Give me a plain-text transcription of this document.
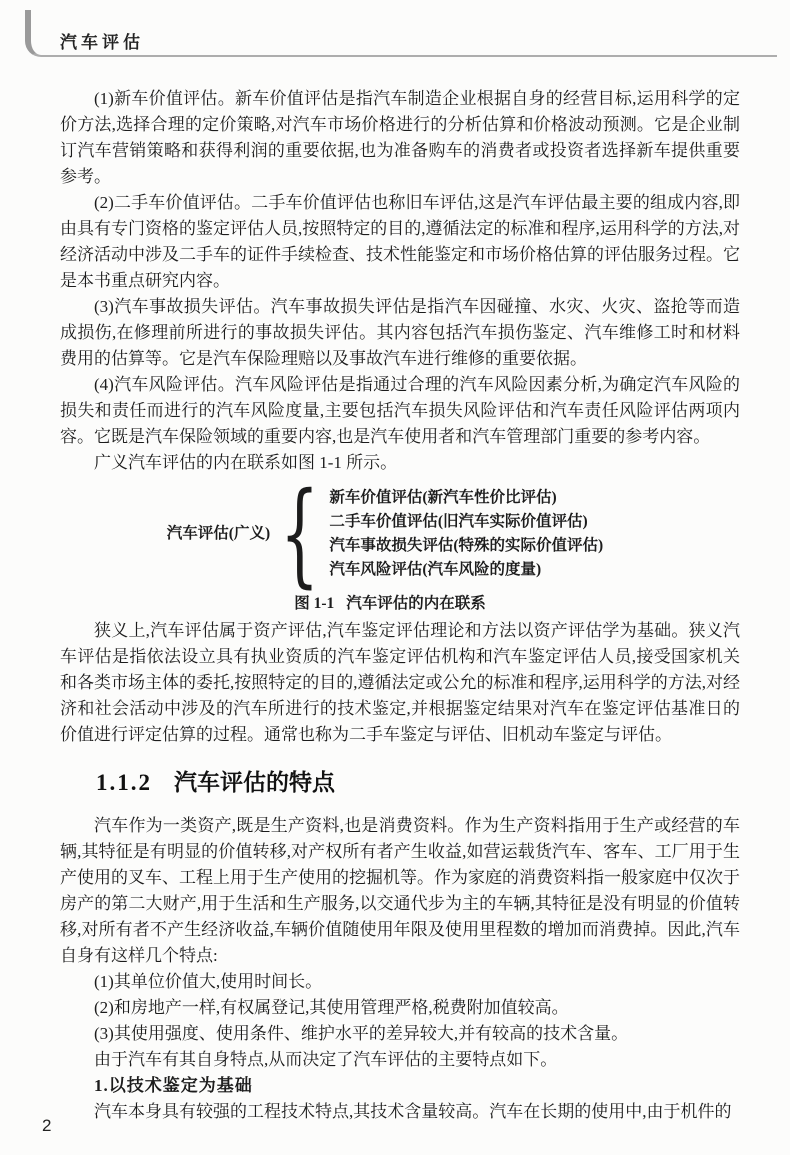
汽车评估

(1)新车价值评估。新车价值评估是指汽车制造企业根据自身的经营目标,运用科学的定价方法,选择合理的定价策略,对汽车市场价格进行的分析估算和价格波动预测。它是企业制订汽车营销策略和获得利润的重要依据,也为准备购车的消费者或投资者选择新车提供重要参考。

(2)二手车价值评估。二手车价值评估也称旧车评估,这是汽车评估最主要的组成内容,即由具有专门资格的鉴定评估人员,按照特定的目的,遵循法定的标准和程序,运用科学的方法,对经济活动中涉及二手车的证件手续检查、技术性能鉴定和市场价格估算的评估服务过程。它是本书重点研究内容。

(3)汽车事故损失评估。汽车事故损失评估是指汽车因碰撞、水灾、火灾、盗抢等而造成损伤,在修理前所进行的事故损失评估。其内容包括汽车损伤鉴定、汽车维修工时和材料费用的估算等。它是汽车保险理赔以及事故汽车进行维修的重要依据。

(4)汽车风险评估。汽车风险评估是指通过合理的汽车风险因素分析,为确定汽车风险的损失和责任而进行的汽车风险度量,主要包括汽车损失风险评估和汽车责任风险评估两项内容。它既是汽车保险领域的重要内容,也是汽车使用者和汽车管理部门重要的参考内容。

广义汽车评估的内在联系如图 1-1 所示。

汽车评估(广义) { 新车价值评估(新汽车性价比评估)
二手车价值评估(旧汽车实际价值评估)
汽车事故损失评估(特殊的实际价值评估)
汽车风险评估(汽车风险的度量)
图 1-1 汽车评估的内在联系

狭义上,汽车评估属于资产评估,汽车鉴定评估理论和方法以资产评估学为基础。狭义汽车评估是指依法设立具有执业资质的汽车鉴定评估机构和汽车鉴定评估人员,接受国家机关和各类市场主体的委托,按照特定的目的,遵循法定或公允的标准和程序,运用科学的方法,对经济和社会活动中涉及的汽车所进行的技术鉴定,并根据鉴定结果对汽车在鉴定评估基准日的价值进行评定估算的过程。通常也称为二手车鉴定与评估、旧机动车鉴定与评估。

1.1.2 汽车评估的特点

汽车作为一类资产,既是生产资料,也是消费资料。作为生产资料指用于生产或经营的车辆,其特征是有明显的价值转移,对产权所有者产生收益,如营运载货汽车、客车、工厂用于生产使用的叉车、工程上用于生产使用的挖掘机等。作为家庭的消费资料指一般家庭中仅次于房产的第二大财产,用于生活和生产服务,以交通代步为主的车辆,其特征是没有明显的价值转移,对所有者不产生经济收益,车辆价值随使用年限及使用里程数的增加而消费掉。因此,汽车自身有这样几个特点:

(1)其单位价值大,使用时间长。

(2)和房地产一样,有权属登记,其使用管理严格,税费附加值较高。

(3)其使用强度、使用条件、维护水平的差异较大,并有较高的技术含量。

由于汽车有其自身特点,从而决定了汽车评估的主要特点如下。

1.以技术鉴定为基础

汽车本身具有较强的工程技术特点,其技术含量较高。汽车在长期的使用中,由于机件的

2
